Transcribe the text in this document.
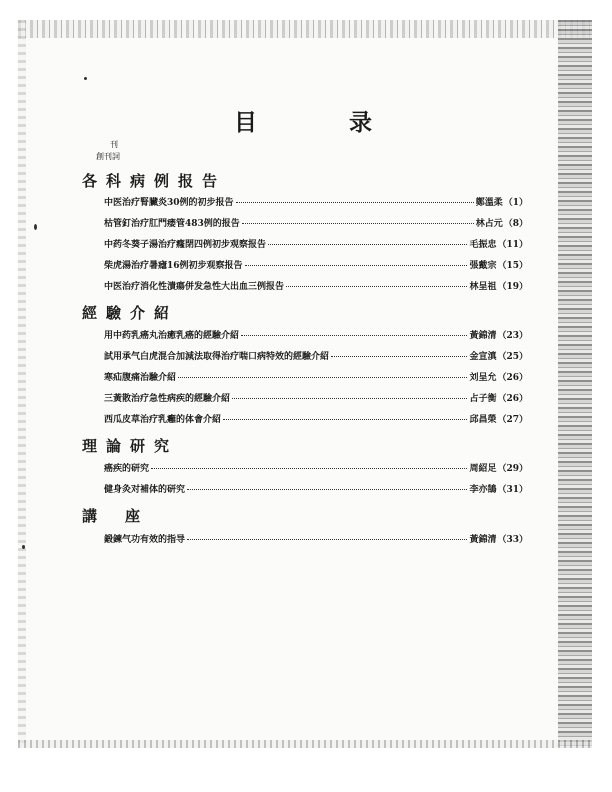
目	录
刊
創刊詞
各科病例报告
中医治疗腎臟炎30例的初步报告	鄭溫柔 （1）
枯管釘治疗肛門瘘管483例的报告	林占元 （8）
中药冬葵子湯治疗癃閉四例初步观察报告	毛振忠 （11）
柴虎湯治疗暑瘧16例初步观察报告	張戴宗 （15）
中医治疗消化性潰瘍併发急性大出血三例报告	林呈祖 （19）
經驗介紹
用中药乳癌丸治癒乳癌的經驗介紹	黃錦清 （23）
試用承气白虎混合加減法取得治疗喘口病特效的經驗介紹	金宣滇 （25）
寒疝腹痛治驗介紹	刘呈允 （26）
三黃散治疗急性病疾的經驗介紹	占子衡 （26）
西瓜皮草治疗乳癰的体會介紹	邱昌榮 （27）
理論研究
癌疾的研究	周紹足 （29）
健身灸对補体的研究	李亦鵠 （31）
講座
鍛鍊气功有效的指导	黃錦清 （33）
